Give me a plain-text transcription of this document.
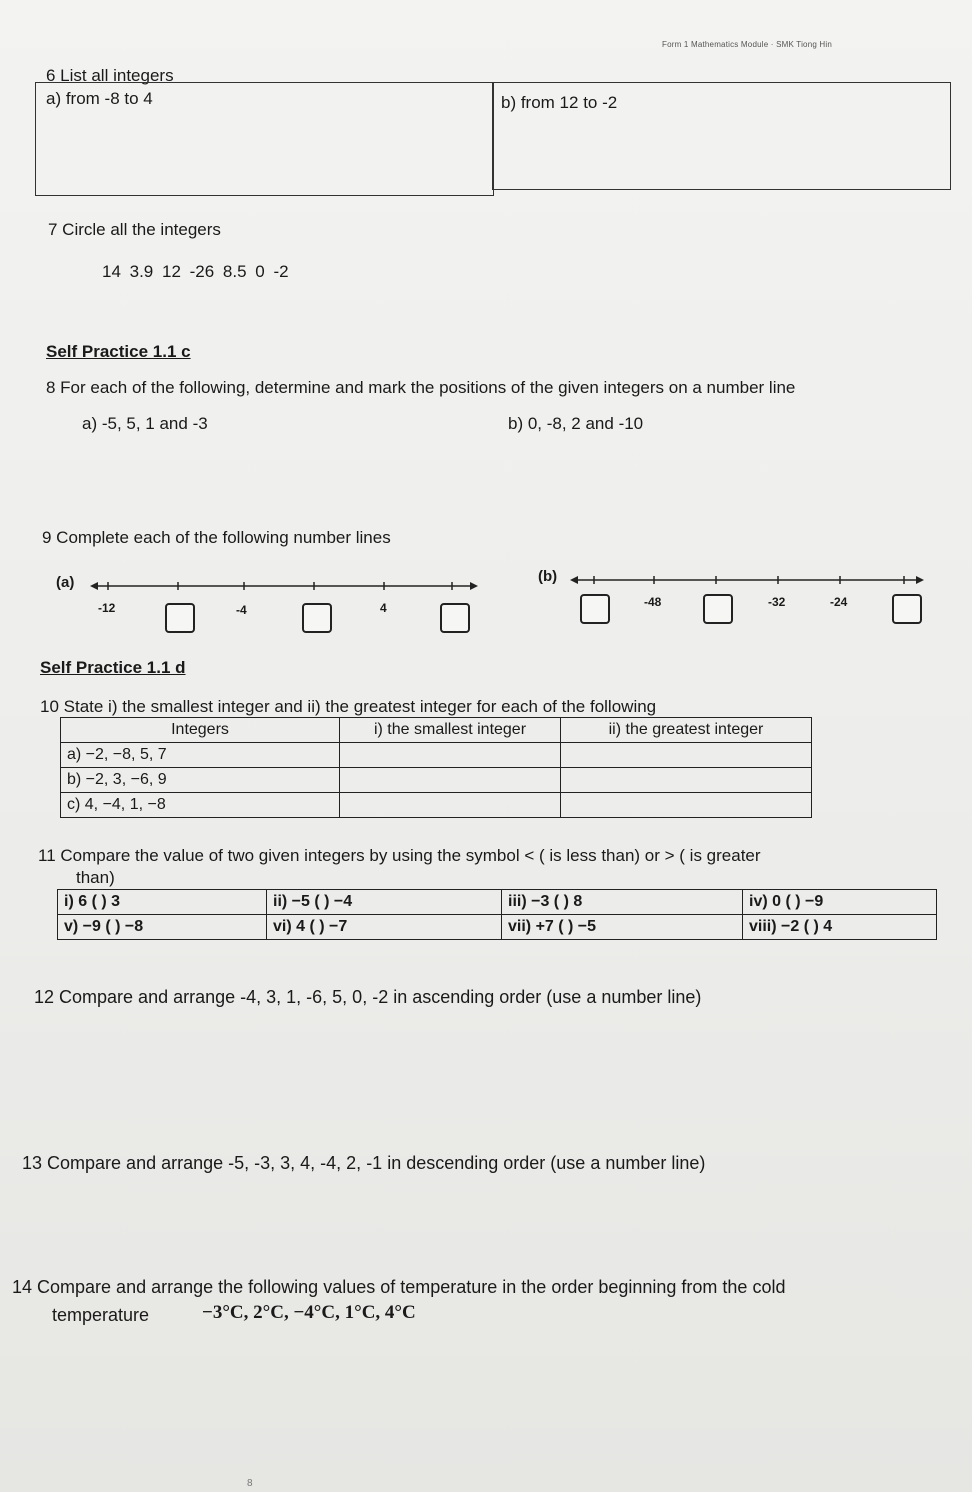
Form 1 Mathematics Module · SMK Tiong Hin
6 List all integers
a) from -8 to 4	b) from 12 to -2
7 Circle all the integers
14 3.9 12 -26 8.5 0 -2
Self Practice 1.1 c
8 For each of the following, determine and mark the positions of the given integers on a number line
a) -5, 5, 1 and -3	b) 0, -8, 2 and -10
9 Complete each of the following number lines
(a)	(b)
-12	-4	4	-48	-32	-24
Self Practice 1.1 d
10 State i) the smallest integer and ii) the greatest integer for each of the following
Integers	i) the smallest integer	ii) the greatest integer
a) −2, −8, 5, 7		
b) −2, 3, −6, 9		
c) 4, −4, 1, −8		
11 Compare the value of two given integers by using the symbol < ( is less than) or > ( is greater
than)
i) 6 ( ) 3	ii) −5 ( ) −4	iii) −3 ( ) 8	iv) 0 ( ) −9
v) −9 ( ) −8	vi) 4 ( ) −7	vii) +7 ( ) −5	viii) −2 ( ) 4
12 Compare and arrange -4, 3, 1, -6, 5, 0, -2 in ascending order (use a number line)
13 Compare and arrange -5, -3, 3, 4, -4, 2, -1 in descending order (use a number line)
14 Compare and arrange the following values of temperature in the order beginning from the cold
temperature	−3°C, 2°C, −4°C, 1°C, 4°C
8
